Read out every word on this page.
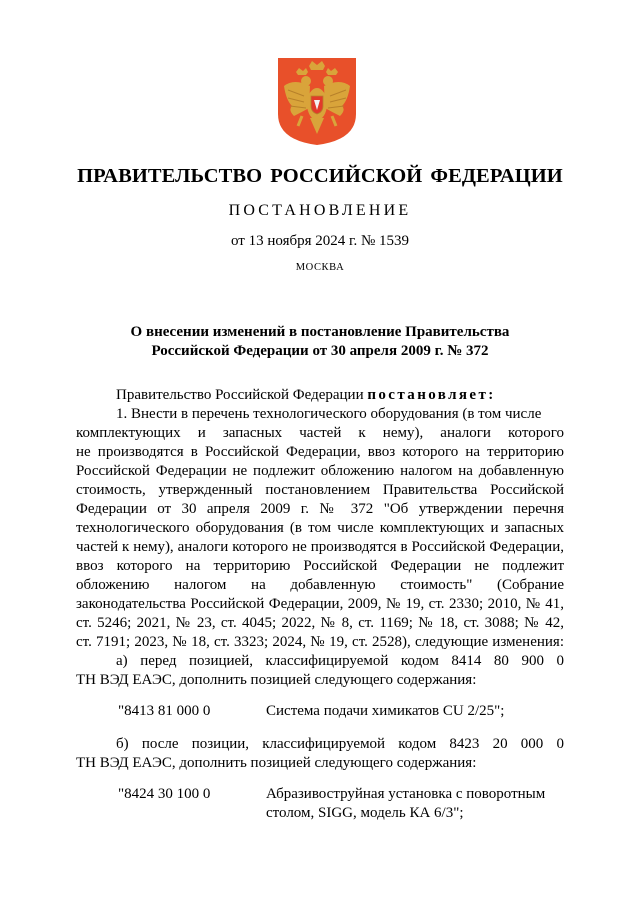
ПРАВИТЕЛЬСТВО РОССИЙСКОЙ ФЕДЕРАЦИИ
ПОСТАНОВЛЕНИЕ
от 13 ноября 2024 г. № 1539
МОСКВА
О внесении изменений в постановление Правительства
Российской Федерации от 30 апреля 2009 г. № 372

Правительство Российской Федерации постановляет:

1. Внести в перечень технологического оборудования (в том числе

комплектующих и запасных частей к нему), аналоги которого

не производятся в Российской Федерации, ввоз которого на территорию

Российской Федерации не подлежит обложению налогом на добавленную

стоимость, утвержденный постановлением Правительства Российской

Федерации от 30 апреля 2009 г. № 372 "Об утверждении перечня

технологического оборудования (в том числе комплектующих и запасных

частей к нему), аналоги которого не производятся в Российской Федерации,

ввоз которого на территорию Российской Федерации не подлежит

обложению налогом на добавленную стоимость" (Собрание

законодательства Российской Федерации, 2009, № 19, ст. 2330; 2010, № 41,

ст. 5246; 2021, № 23, ст. 4045; 2022, № 8, ст. 1169; № 18, ст. 3088; № 42,

ст. 7191; 2023, № 18, ст. 3323; 2024, № 19, ст. 2528), следующие изменения:

а) перед позицией, классифицируемой кодом 8414 80 900 0

ТН ВЭД ЕАЭС, дополнить позицией следующего содержания:

"8413 81 000 0	Система подачи химикатов CU 2/25";

б) после позиции, классифицируемой кодом 8423 20 000 0

ТН ВЭД ЕАЭС, дополнить позицией следующего содержания:

"8424 30 100 0	Абразивоструйная установка с поворотным столом, SIGG, модель КА 6/3";
